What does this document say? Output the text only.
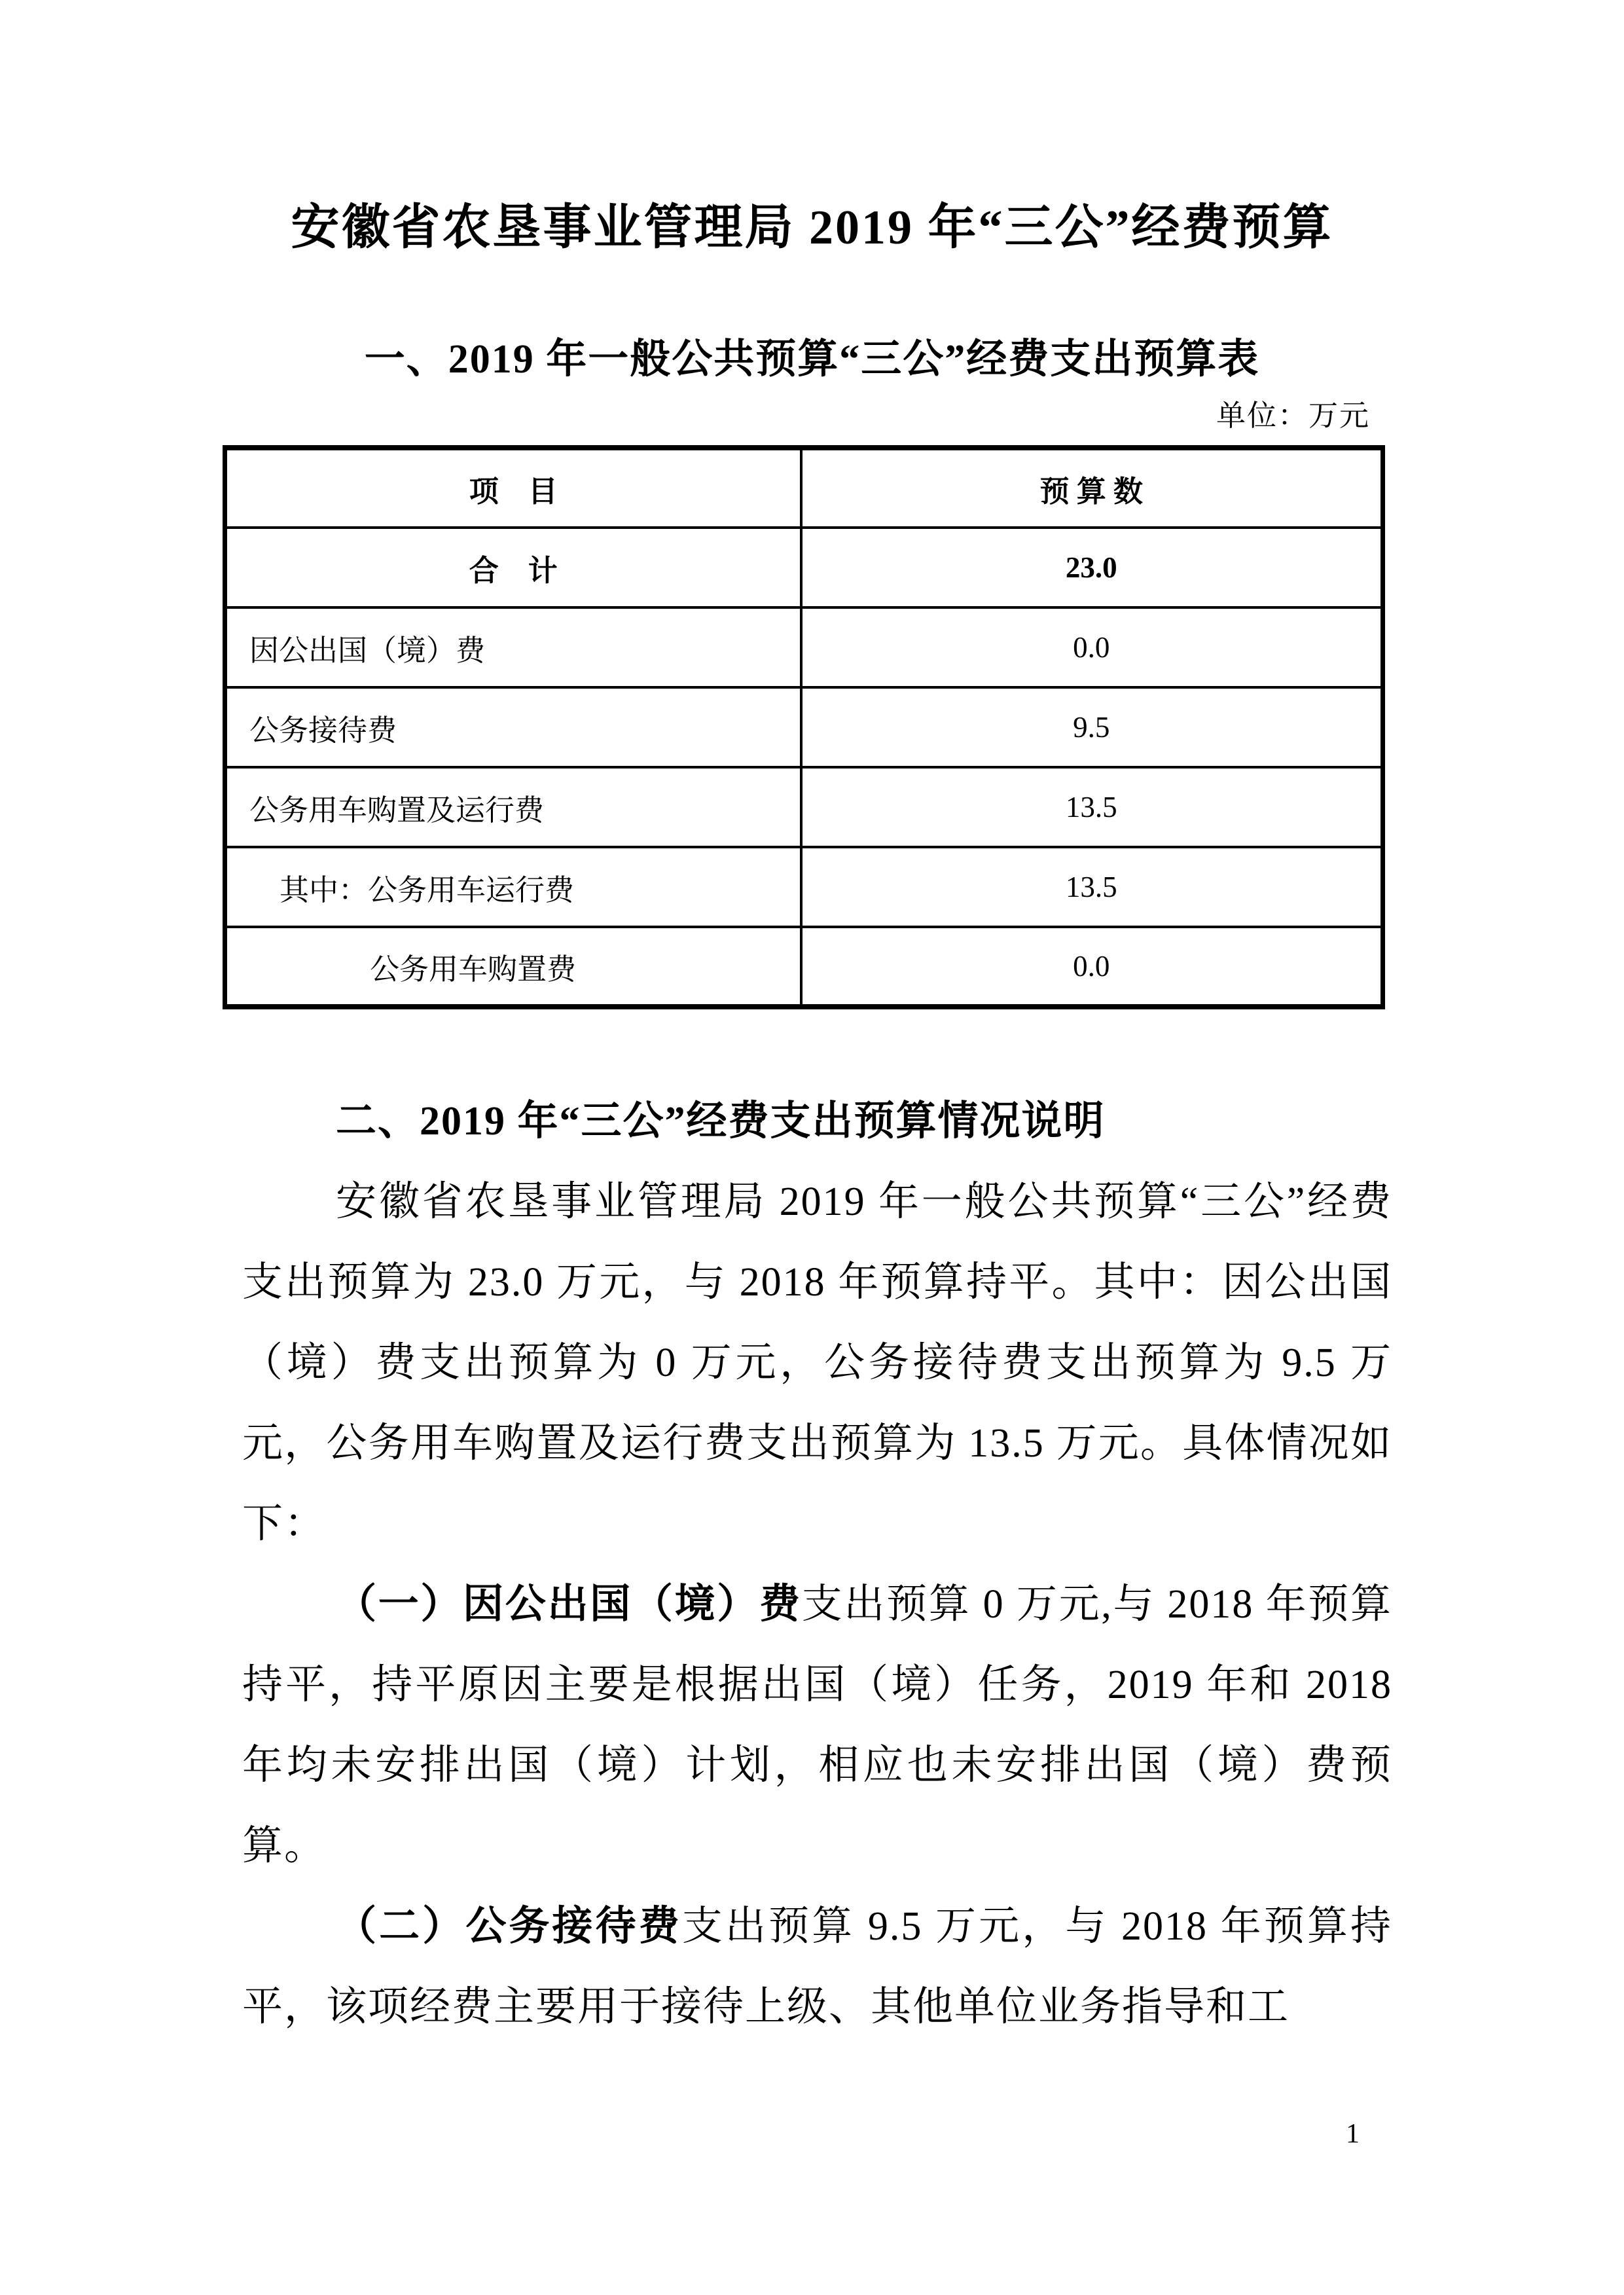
安徽省农垦事业管理局 2019 年“三公”经费预算
一、2019 年一般公共预算“三公”经费支出预算表
单位：万元
项　目	预 算 数
合　计	23.0
因公出国（境）费	0.0
公务接待费	9.5
公务用车购置及运行费	13.5
其中：公务用车运行费	13.5
公务用车购置费	0.0
二、2019 年“三公”经费支出预算情况说明

安徽省农垦事业管理局 2019 年一般公共预算“三公”经费支出预算为 23.0 万元，与 2018 年预算持平。其中：因公出国（境）费支出预算为 0 万元，公务接待费支出预算为 9.5 万元，公务用车购置及运行费支出预算为 13.5 万元。具体情况如下：

（一）因公出国（境）费支出预算 0 万元,与 2018 年预算持平，持平原因主要是根据出国（境）任务，2019 年和 2018 年均未安排出国（境）计划，相应也未安排出国（境）费预算。

（二）公务接待费支出预算 9.5 万元，与 2018 年预算持平，该项经费主要用于接待上级、其他单位业务指导和工

1
